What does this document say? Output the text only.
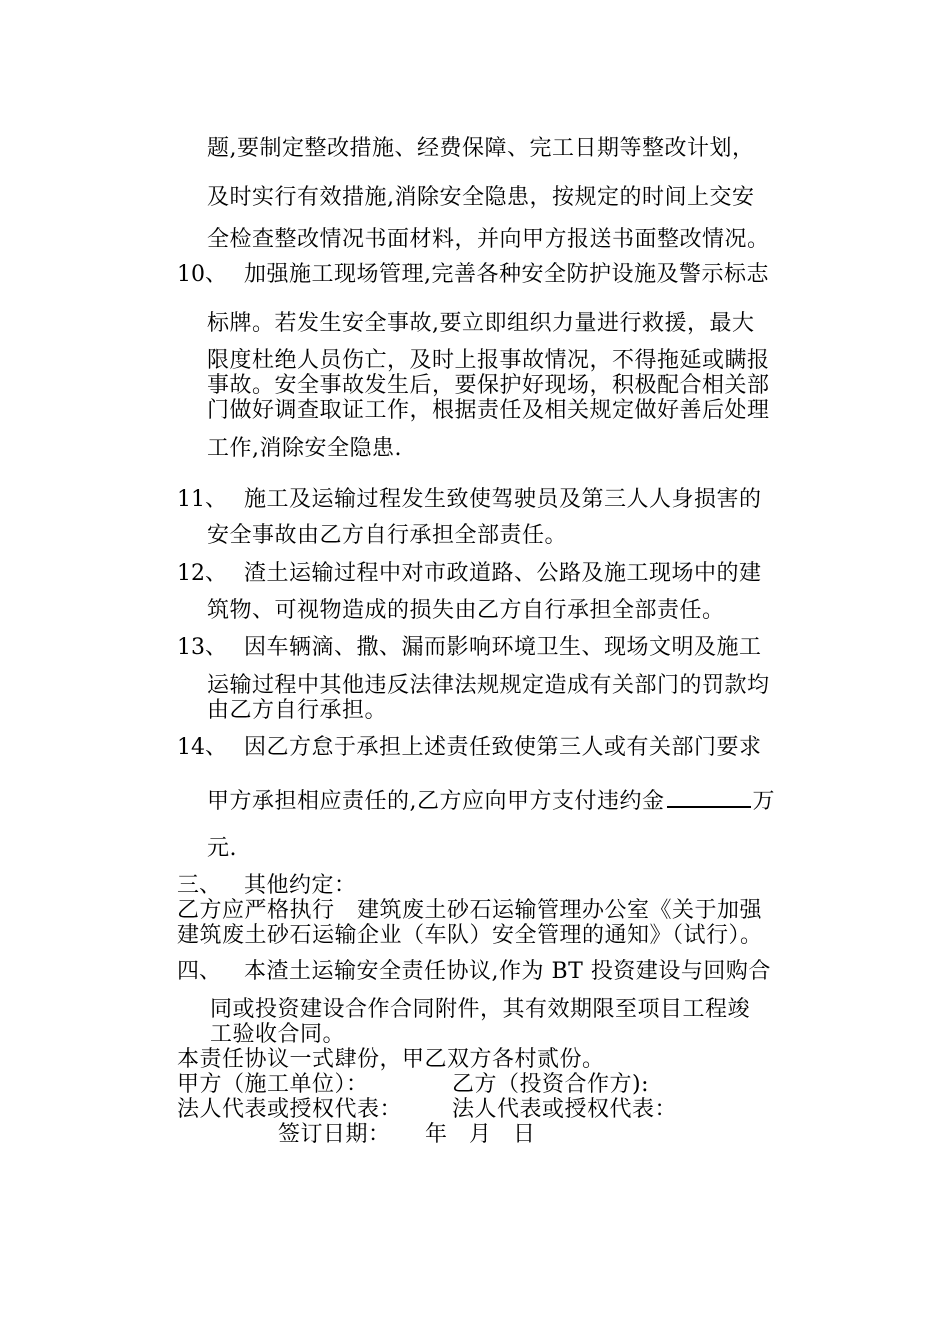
题,要制定整改措施、经费保障、完工日期等整改计划，
及时实行有效措施,消除安全隐患，按规定的时间上交安
全检查整改情况书面材料，并向甲方报送书面整改情况。
10、 加强施工现场管理,完善各种安全防护设施及警示标志
标牌。若发生安全事故,要立即组织力量进行救援，最大
限度杜绝人员伤亡，及时上报事故情况，不得拖延或瞒报
事故。安全事故发生后，要保护好现场，积极配合相关部
门做好调查取证工作，根据责任及相关规定做好善后处理
工作,消除安全隐患.
11、 施工及运输过程发生致使驾驶员及第三人人身损害的
安全事故由乙方自行承担全部责任。
12、 渣土运输过程中对市政道路、公路及施工现场中的建
筑物、可视物造成的损失由乙方自行承担全部责任。
13、 因车辆滴、撒、漏而影响环境卫生、现场文明及施工
运输过程中其他违反法律法规规定造成有关部门的罚款均
由乙方自行承担。
14、 因乙方怠于承担上述责任致使第三人或有关部门要求
甲方承担相应责任的,乙方应向甲方支付违约金	万
元.
三、 其他约定：
乙方应严格执行   建筑废土砂石运输管理办公室《关于加强
建筑废土砂石运输企业（车队）安全管理的通知》（试行）。
四、 本渣土运输安全责任协议,作为 BT 投资建设与回购合
同或投资建设合作合同附件，其有效期限至项目工程竣
工验收合同。
本责任协议一式肆份，甲乙双方各村贰份。
甲方（施工单位）：	乙方（投资合作方):
法人代表或授权代表： 法人代表或授权代表：
签订日期： 年 月 日
